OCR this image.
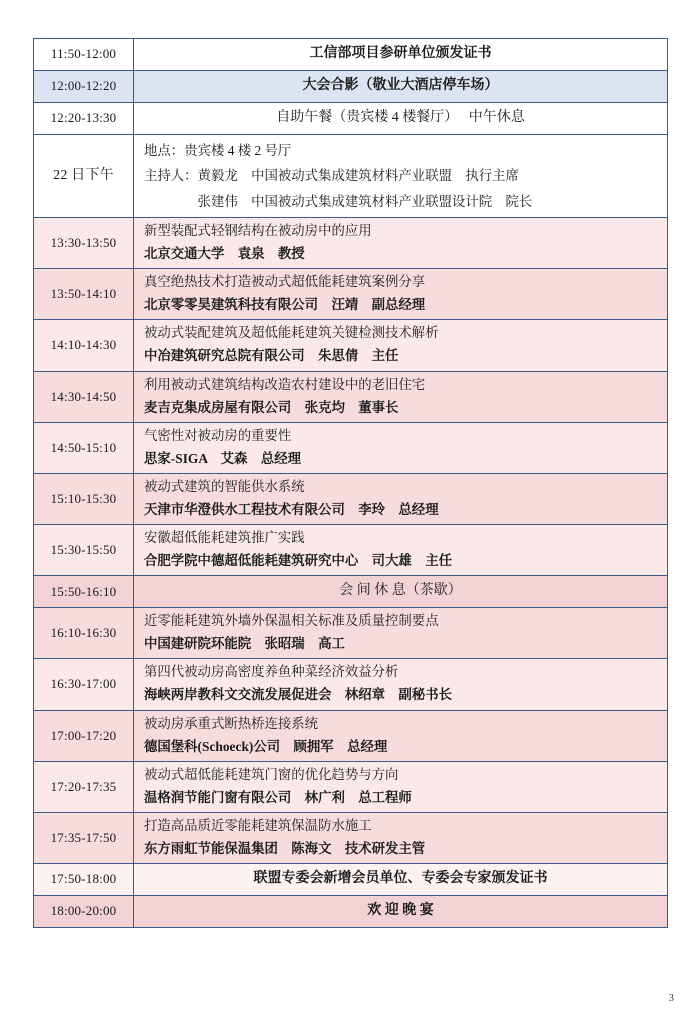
11:50-12:00	工信部项目参研单位颁发证书

12:00-12:20	大会合影（敬业大酒店停车场）

12:20-13:30	自助午餐（贵宾楼 4 楼餐厅）　 中午休息

22 日下午	地点：贵宾楼 4 楼 2 号厅
主持人：黄毅龙　中国被动式集成建筑材料产业联盟　执行主席
　　　　张建伟　中国被动式集成建筑材料产业联盟设计院　院长

13:30-13:50	新型装配式轻钢结构在被动房中的应用
北京交通大学　袁泉　教授

13:50-14:10	真空绝热技术打造被动式超低能耗建筑案例分享
北京零零昊建筑科技有限公司　汪靖　副总经理

14:10-14:30	被动式装配建筑及超低能耗建筑关键检测技术解析
中冶建筑研究总院有限公司　朱思倩　主任

14:30-14:50	利用被动式建筑结构改造农村建设中的老旧住宅
麦吉克集成房屋有限公司　张克均　董事长

14:50-15:10	气密性对被动房的重要性
思家-SIGA　艾森　总经理

15:10-15:30	被动式建筑的智能供水系统
天津市华澄供水工程技术有限公司　李玲　总经理

15:30-15:50	安徽超低能耗建筑推广实践
合肥学院中德超低能耗建筑研究中心　司大雄　主任

15:50-16:10	会 间 休 息（茶歇）

16:10-16:30	近零能耗建筑外墙外保温相关标准及质量控制要点
中国建研院环能院　张昭瑞　高工

16:30-17:00	第四代被动房高密度养鱼种菜经济效益分析
海峡两岸教科文交流发展促进会　林绍章　副秘书长

17:00-17:20	被动房承重式断热桥连接系统
德国堡科(Schoeck)公司　顾拥军　总经理

17:20-17:35	被动式超低能耗建筑门窗的优化趋势与方向
温格润节能门窗有限公司　林广利　总工程师

17:35-17:50	打造高品质近零能耗建筑保温防水施工
东方雨虹节能保温集团　陈海文　技术研发主管

17:50-18:00	联盟专委会新增会员单位、专委会专家颁发证书

18:00-20:00	欢 迎 晚 宴
3
